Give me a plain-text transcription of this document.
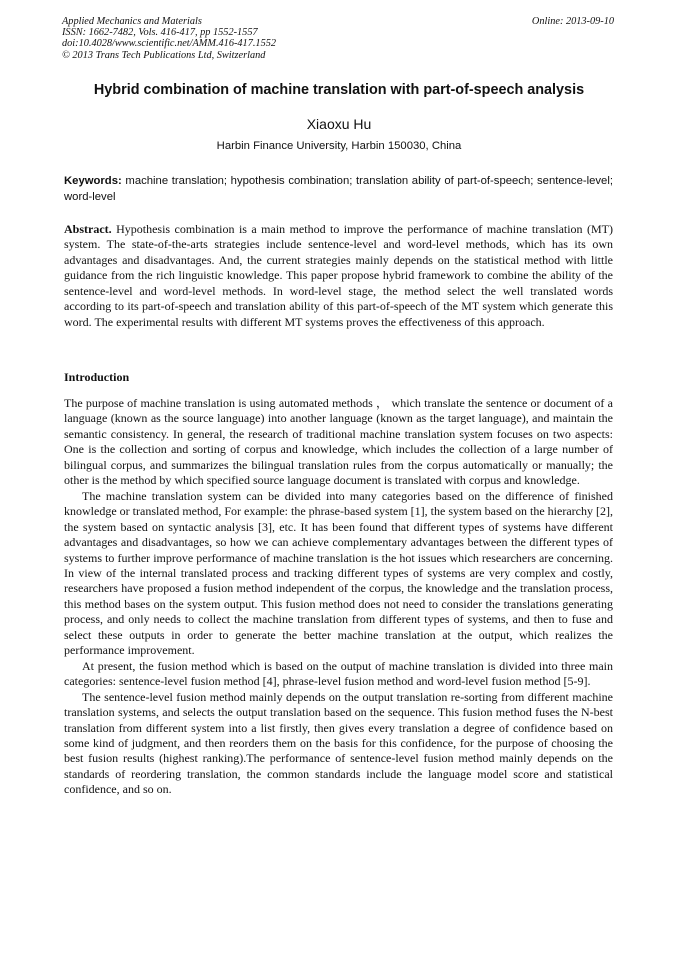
Applied Mechanics and Materials
ISSN: 1662-7482, Vols. 416-417, pp 1552-1557
doi:10.4028/www.scientific.net/AMM.416-417.1552
© 2013 Trans Tech Publications Ltd, Switzerland
Online: 2013-09-10
Hybrid combination of machine translation with part-of-speech analysis
Xiaoxu Hu
Harbin Finance University, Harbin 150030, China
Keywords: machine translation; hypothesis combination; translation ability of part-of-speech; sentence-level; word-level

Abstract. Hypothesis combination is a main method to improve the performance of machine translation (MT) system. The state-of-the-arts strategies include sentence-level and word-level methods, which has its own advantages and disadvantages. And, the current strategies mainly depends on the statistical method with little guidance from the rich linguistic knowledge. This paper propose hybrid framework to combine the ability of the sentence-level and word-level methods. In word-level stage, the method select the well translated words according to its part-of-speech and translation ability of this part-of-speech of the MT system which generate this word. The experimental results with different MT systems proves the effectiveness of this approach.

Introduction

The purpose of machine translation is using automated methods ， which translate the sentence or document of a language (known as the source language) into another language (known as the target language), and maintain the semantic consistency. In general, the research of traditional machine translation system focuses on two aspects: One is the collection and sorting of corpus and knowledge, which includes the collection of a large number of bilingual corpus, and summarizes the bilingual translation rules from the corpus automatically or manually; the other is the method by which specified source language document is translated with corpus and knowledge.

The machine translation system can be divided into many categories based on the difference of finished knowledge or translated method, For example: the phrase-based system [1], the system based on the hierarchy [2], the system based on syntactic analysis [3], etc. It has been found that different types of systems have different advantages and disadvantages, so how we can achieve complementary advantages between the different types of systems to further improve performance of machine translation is the hot issues which researchers are concerning. In view of the internal translated process and tracking different types of systems are very complex and costly, researchers have proposed a fusion method independent of the corpus, the knowledge and the translation process, this method bases on the system output. This fusion method does not need to consider the translations generating process, and only needs to collect the machine translation from different types of systems, and then to fuse and select these outputs in order to generate the better machine translation at the output, which realizes the performance improvement.

At present, the fusion method which is based on the output of machine translation is divided into three main categories: sentence-level fusion method [4], phrase-level fusion method and word-level fusion method [5-9].

The sentence-level fusion method mainly depends on the output translation re-sorting from different machine translation systems, and selects the output translation based on the sequence. This fusion method fuses the N-best translation from different system into a list firstly, then gives every translation a degree of confidence based on some kind of judgment, and then reorders them on the basis for this confidence, for the purpose of choosing the best fusion results (highest ranking).The performance of sentence-level fusion method mainly depends on the standards of reordering translation, the common standards include the language model score and statistical confidence, and so on.
